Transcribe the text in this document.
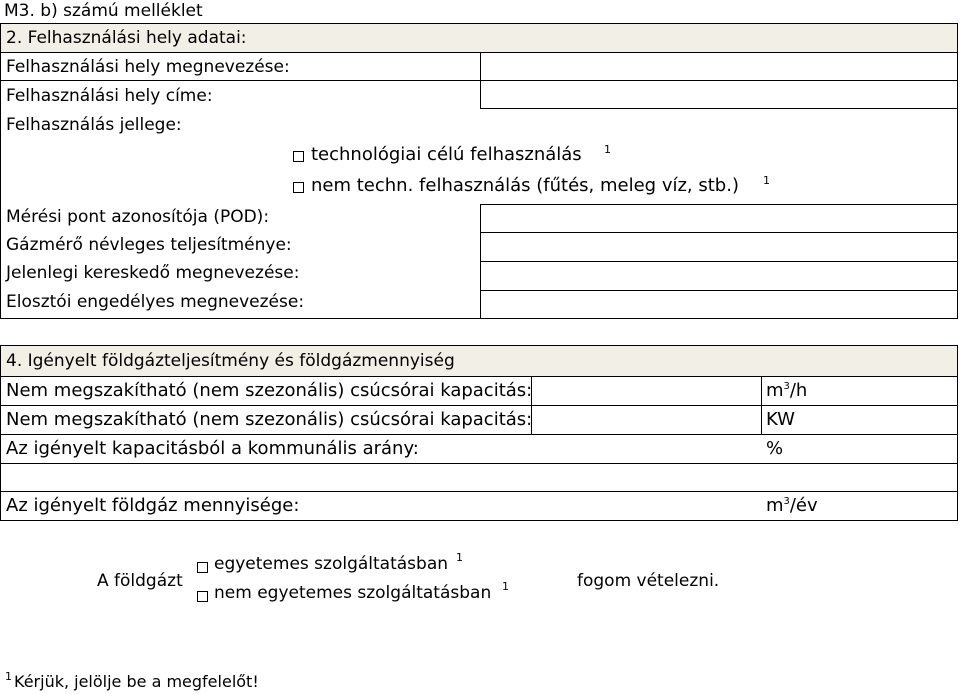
M3. b) számú melléklet
2. Felhasználási hely adatai:
Felhasználási hely megnevezése:
Felhasználási hely címe:
Felhasználás jellege:
technológiai célú felhasználás 1
nem techn. felhasználás (fűtés, meleg víz, stb.) 1
Mérési pont azonosítója (POD):
Gázmérő névleges teljesítménye:
Jelenlegi kereskedő megnevezése:
Elosztói engedélyes megnevezése:
4. Igényelt földgázteljesítmény és földgázmennyiség
Nem megszakítható (nem szezonális) csúcsórai kapacitás:	$m^3/h$
Nem megszakítható (nem szezonális) csúcsórai kapacitás:	KW
Az igényelt kapacitásból a kommunális arány:	%
Az igényelt földgáz mennyisége:	$m^3/év$
A földgázt
egyetemes szolgáltatásban 1
nem egyetemes szolgáltatásban 1	fogom vételezni.
1 Kérjük, jelölje be a megfelelőt!
